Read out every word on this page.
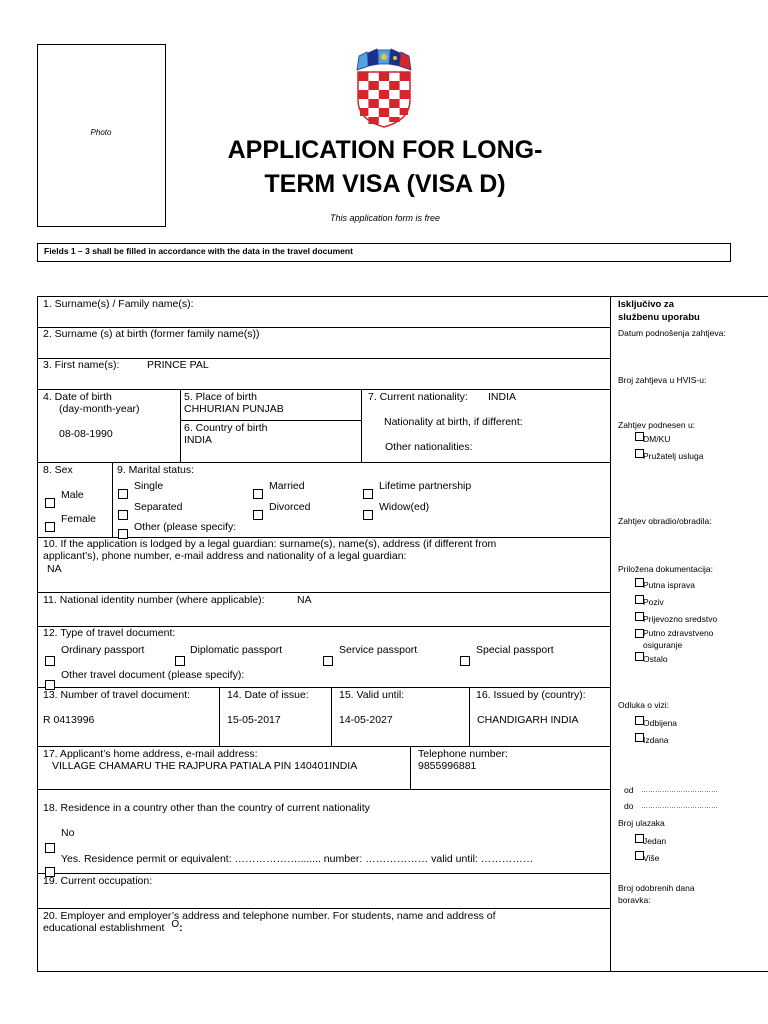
Photo
APPLICATION FOR LONG-
TERM VISA (VISA D)
This application form is free
Fields 1 – 3 shall be filled in accordance with the data in the travel document
1. Surname(s) / Family name(s):
2. Surname (s) at birth (former family name(s))
3. First name(s):	PRINCE PAL
4. Date of birth
(day-month-year)
08-08-1990
5. Place of birth
CHHURIAN PUNJAB
6. Country of birth
INDIA
7. Current nationality: INDIA
Nationality at birth, if different:
Other nationalities:
8. Sex
Male
Female
9. Marital status:
Single	Married	Lifetime partnership
Separated	Divorced	Widow(ed)
Other (please specify:
10. If the application is lodged by a legal guardian: surname(s), name(s), address (if different from
applicant’s), phone number, e-mail address and nationality of a legal guardian:
NA
11. National identity number (where applicable):	NA
12. Type of travel document:
Ordinary passport	Diplomatic passport	Service passport	Special passport
Other travel document (please specify):
13. Number of travel document:
R 0413996
14. Date of issue:
15-05-2017
15. Valid until:
14-05-2027
16. Issued by (country):
CHANDIGARH INDIA
17. Applicant’s home address, e-mail address:
VILLAGE CHAMARU THE RAJPURA PATIALA PIN 140401INDIA
Telephone number:
9855996881
18. Residence in a country other than the country of current nationality
No
Yes. Residence permit or equivalent: ………………........ number: ……………… valid until: ……………
19. Current occupation:
20. Employer and employer’s address and telephone number. For students, name and address of
educational establishment O:
Isključivo za
službenu uporabu
Datum podnošenja zahtjeva:
Broj zahtjeva u HVIS-u:
Zahtjev podnesen u:
DM/KU
Pružatelj usluga
Zahtjev obradio/obradila:
Priložena dokumentacija:
Putna isprava
Poziv
Prijevozno sredstvo
Putno zdravstveno
osiguranje
Ostalo
Odluka o vizi:
Odbijena
Izdana
od ……………………………
do ……………………………
Broj ulazaka
Jedan
Više
Broj odobrenih dana
boravka:
